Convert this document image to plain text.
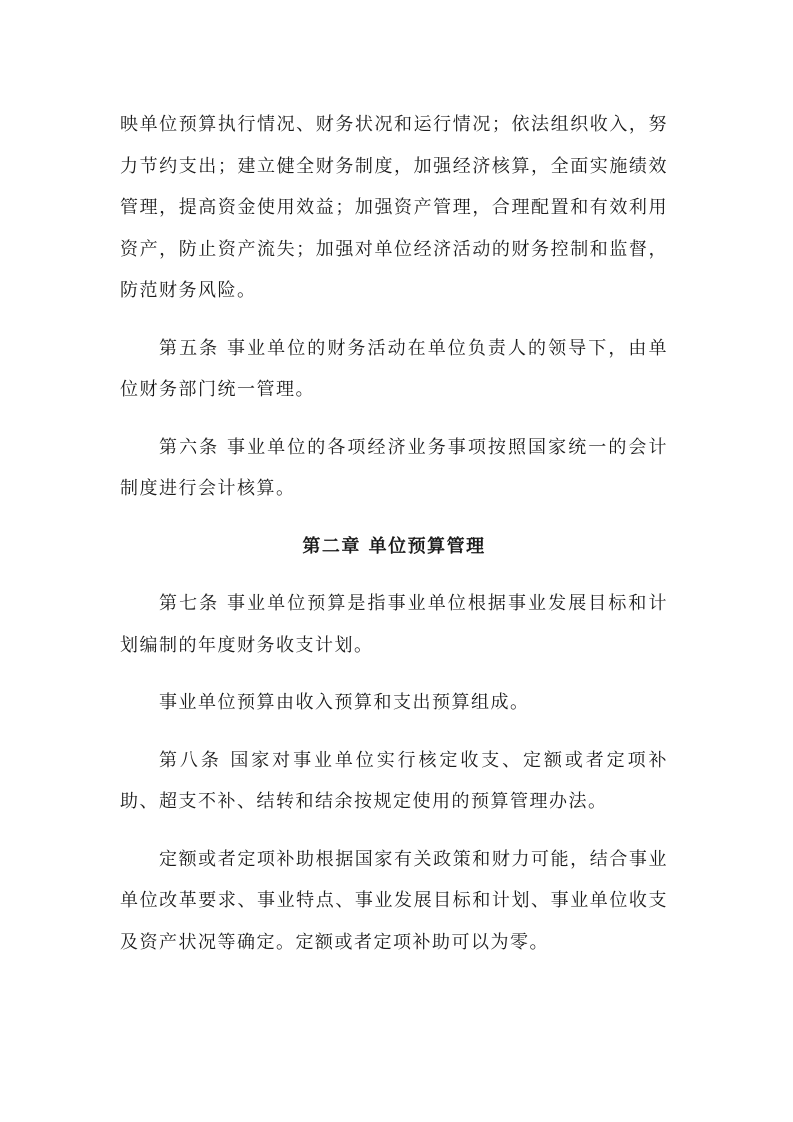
映单位预算执行情况、财务状况和运行情况；依法组织收入，努力节约支出；建立健全财务制度，加强经济核算，全面实施绩效管理，提高资金使用效益；加强资产管理，合理配置和有效利用资产，防止资产流失；加强对单位经济活动的财务控制和监督，防范财务风险。

第五条 事业单位的财务活动在单位负责人的领导下，由单位财务部门统一管理。

第六条 事业单位的各项经济业务事项按照国家统一的会计制度进行会计核算。

第二章 单位预算管理

第七条 事业单位预算是指事业单位根据事业发展目标和计划编制的年度财务收支计划。

事业单位预算由收入预算和支出预算组成。

第八条 国家对事业单位实行核定收支、定额或者定项补助、超支不补、结转和结余按规定使用的预算管理办法。

定额或者定项补助根据国家有关政策和财力可能，结合事业单位改革要求、事业特点、事业发展目标和计划、事业单位收支及资产状况等确定。定额或者定项补助可以为零。
